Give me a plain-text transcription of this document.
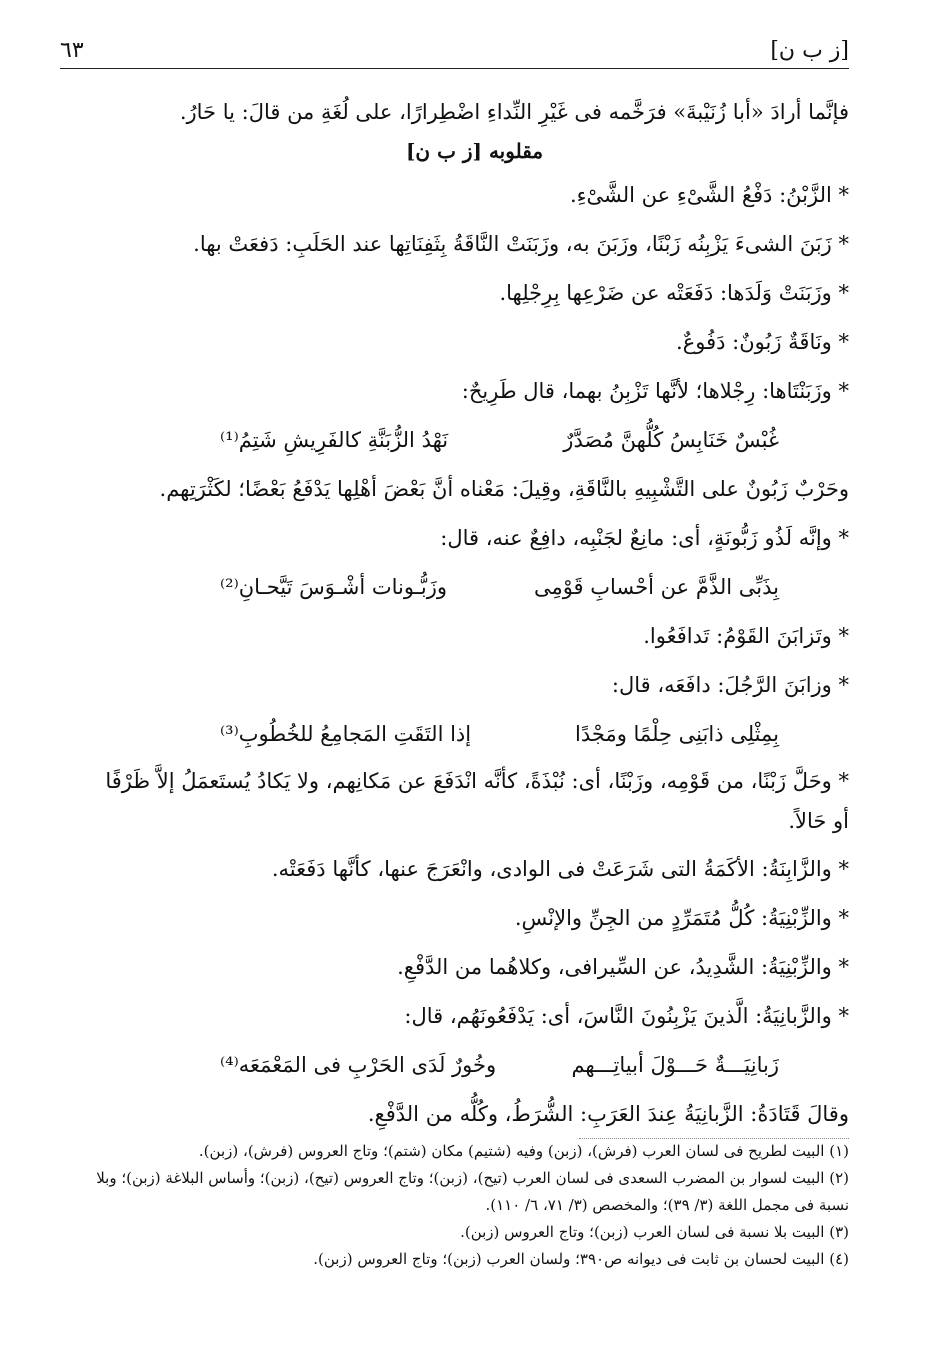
٦٣	[ز ب ن]
فإنَّما أرادَ «أبا زُنَيْبةَ» فرَخَّمه فى غَيْرِ النِّداءِ اضْطِرارًا، على لُغَةِ من قالَ: يا حَارُ.
مقلوبه [ز ب ن]
* الزَّبْنُ: دَفْعُ الشَّىْءِ عن الشَّىْءِ.
* زَبَنَ الشىءَ يَزْبِنُه زَبْنًا، وزَبَنَ به، وزَبَنَتْ النَّاقَةُ بِثَفِنَاتِها عند الحَلَبِ: دَفعَتْ بها.
* وزَبَنَتْ وَلَدَها: دَفَعَتْه عن ضَرْعِها بِرِجْلِها.
* ونَاقَةٌ زَبُونٌ: دَفُوعٌ.
* وزَبَنْتَاها: رِجْلاها؛ لأنَّها تَزْبِنُ بهما، قال طَرِيحٌ:
غُبْسٌ خَنَابِسُ كُلُّهنَّ مُصَدَّرٌ
نَهْدُ الزُّبَنَّةِ كالفَرِيشِ شَتِمُ⁽¹⁾
وحَرْبٌ زَبُونٌ على التَّشْبِيهِ بالنَّاقَةِ، وقِيلَ: مَعْناه أنَّ بَعْضَ أهْلِها يَدْفَعُ بَعْضًا؛ لكَثْرَتِهم.
* وإنَّه لَذُو زَبُّونَةٍ، أى: مانِعٌ لجَنْبِه، دافِعٌ عنه، قال:
بِذَبِّى الذَّمَّ عن أحْسابِ قَوْمِى
وزَبُّـونات أشْـوَسَ تَيَّحـانِ⁽²⁾
* وتَزابَنَ القَوْمُ: تَدافَعُوا.
* وزابَنَ الرَّجُلَ: دافَعَه، قال:
بِمِثْلِى ذابَنِى حِلْمًا ومَجْدًا
إذا التَقَتِ المَجامِعُ للخُطُوبِ⁽³⁾
* وحَلَّ زَبْنًا، من قَوْمِه، وزَبْنًا، أى: نُبْذَةً، كأنَّه انْدَفَعَ عن مَكانِهم، ولا يَكادُ يُستَعمَلُ إلاَّ ظَرْفًا أو حَالاً.
* والزَّابِنَةُ: الأكَمَةُ التى شَرَعَتْ فى الوادى، وانْعَرَجَ عنها، كأنَّها دَفَعَتْه.
* والزِّبْنِيَةُ: كُلُّ مُتَمَرِّدٍ من الجِنِّ والإنْسِ.
* والزِّبْنِيَةُ: الشَّدِيدُ، عن السِّيرافى، وكلاهُما من الدَّفْعِ.
* والزَّبانِيَةُ: الَّذينَ يَزْبِنُونَ النَّاسَ، أى: يَدْفَعُونَهُم، قال:
زَبانِيَـــةٌ حَـــوْلَ أبياتِـــهم
وخُورٌ لَدَى الحَرْبِ فى المَعْمَعَه⁽⁴⁾
وقالَ قَتَادَةُ: الزَّبانِيَةُ عِندَ العَرَبِ: الشُّرَطُ، وكُلُّه من الدَّفْعِ.
(١) البيت لطريح فى لسان العرب (فرش)، (زبن) وفيه (شتيم) مكان (شتم)؛ وتاج العروس (فرش)، (زبن).
(٢) البيت لسوار بن المضرب السعدى فى لسان العرب (تيح)، (زبن)؛ وتاج العروس (تيح)، (زبن)؛ وأساس البلاغة (زبن)؛ وبلا نسبة فى مجمل اللغة (٣/ ٣٩)؛ والمخصص (٣/ ٧١، ٦/ ١١٠).
(٣) البيت بلا نسبة فى لسان العرب (زبن)؛ وتاج العروس (زبن).
(٤) البيت لحسان بن ثابت فى ديوانه ص٣٩٠؛ ولسان العرب (زبن)؛ وتاج العروس (زبن).
